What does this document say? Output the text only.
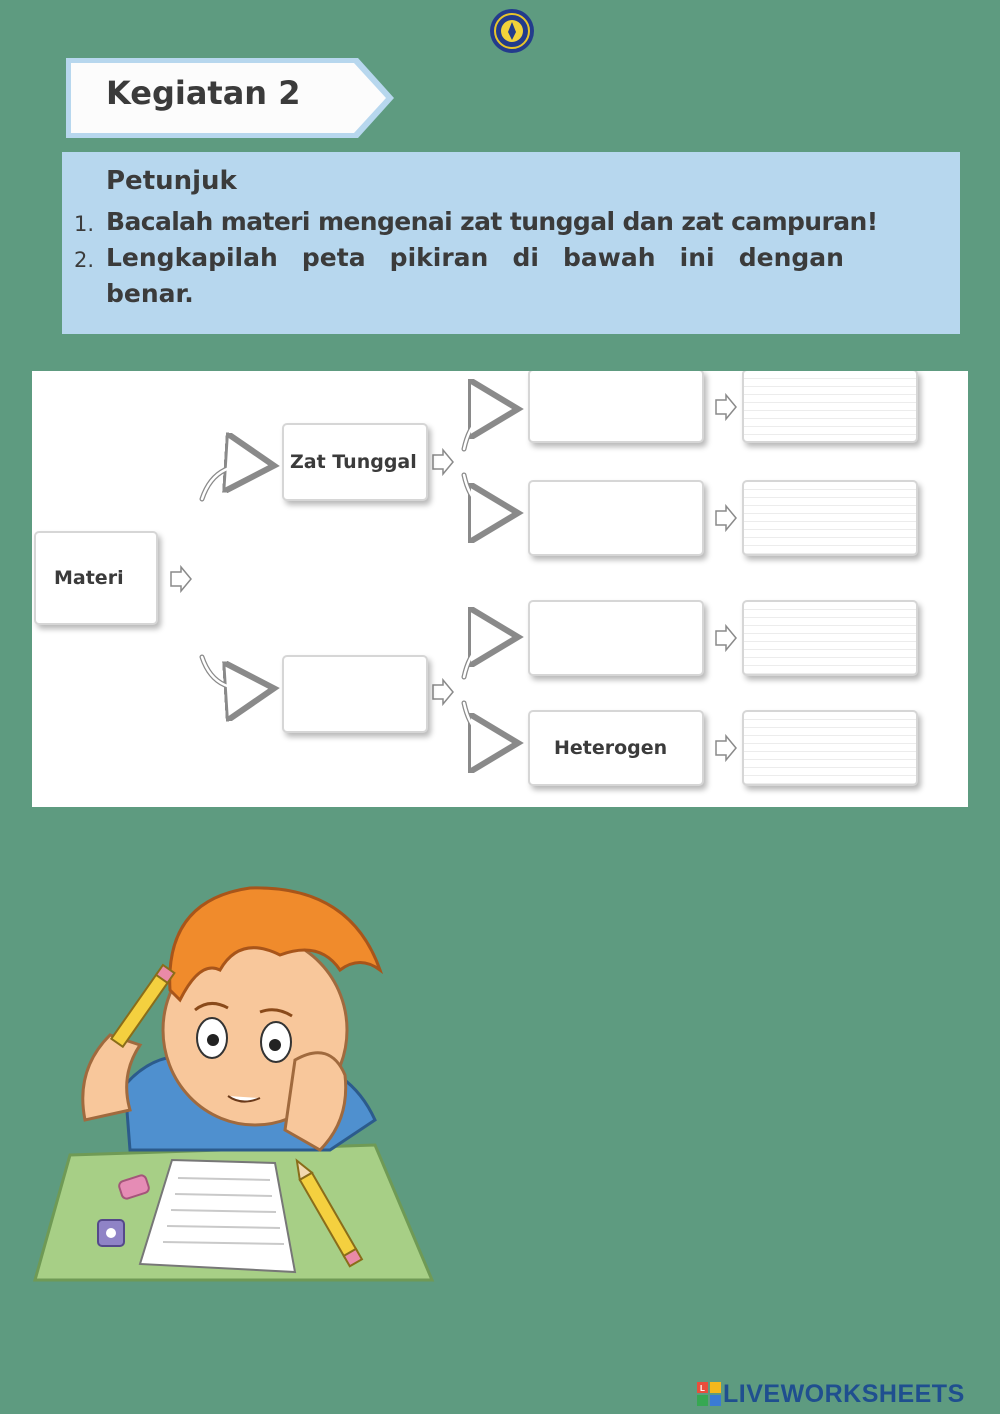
Kegiatan 2
Petunjuk
1. Bacalah materi mengenai zat tunggal dan zat campuran!
2. Lengkapilah peta pikiran di bawah ini dengan
benar.
Materi
Zat Tunggal
Heterogen
L LIVEWORKSHEETS
